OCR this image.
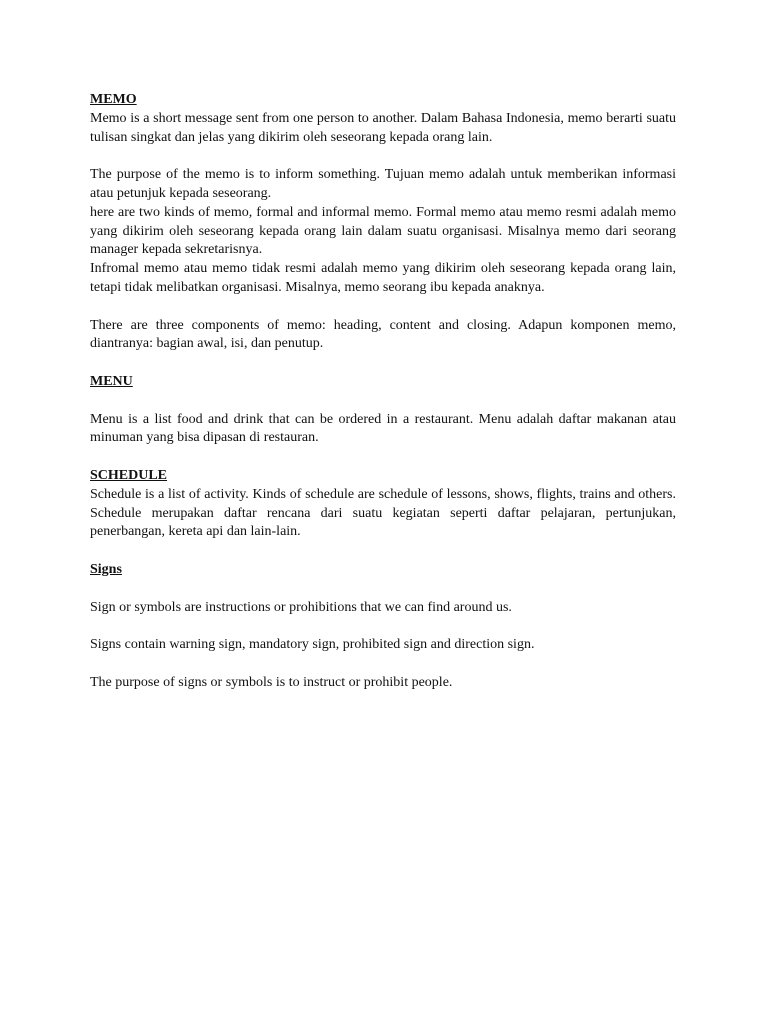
MEMO

Memo is a short message sent from one person to another. Dalam Bahasa Indonesia, memo berarti suatu tulisan singkat dan jelas yang dikirim oleh seseorang kepada orang lain.

The purpose of the memo is to inform something. Tujuan memo adalah untuk memberikan informasi atau petunjuk kepada seseorang.

here are two kinds of memo, formal and informal memo. Formal memo atau memo resmi adalah memo yang dikirim oleh seseorang kepada orang lain dalam suatu organisasi. Misalnya memo dari seorang manager kepada sekretarisnya.

Infromal memo atau memo tidak resmi adalah memo yang dikirim oleh seseorang kepada orang lain, tetapi tidak melibatkan organisasi. Misalnya, memo seorang ibu kepada anaknya.

There are three components of memo: heading, content and closing. Adapun komponen memo, diantranya: bagian awal, isi, dan penutup.

MENU

Menu is a list food and drink that can be ordered in a restaurant. Menu adalah daftar makanan atau minuman yang bisa dipasan di restauran.

SCHEDULE

Schedule is a list of activity. Kinds of schedule are schedule of lessons, shows, flights, trains and others. Schedule merupakan daftar rencana dari suatu kegiatan seperti daftar pelajaran, pertunjukan, penerbangan, kereta api dan lain-lain.

Signs

Sign or symbols are instructions or prohibitions that we can find around us.

Signs contain warning sign, mandatory sign, prohibited sign and direction sign.

The purpose of signs or symbols is to instruct or prohibit people.
